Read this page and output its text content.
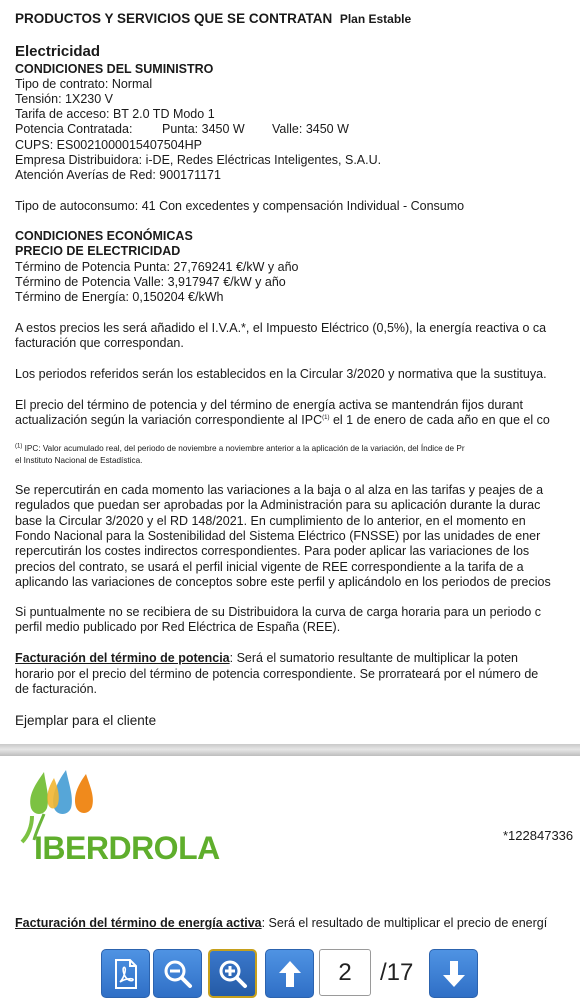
PRODUCTOS Y SERVICIOS QUE SE CONTRATAN Plan Estable
Electricidad
CONDICIONES DEL SUMINISTRO
Tipo de contrato: Normal
Tensión: 1X230 V
Tarifa de acceso: BT 2.0 TD Modo 1
Potencia Contratada: Punta: 3450 W Valle: 3450 W
CUPS: ES0021000015407504HP
Empresa Distribuidora: i-DE, Redes Eléctricas Inteligentes, S.A.U.
Atención Averías de Red: 900171171
Tipo de autoconsumo: 41 Con excedentes y compensación Individual - Consumo
CONDICIONES ECONÓMICAS
PRECIO DE ELECTRICIDAD
Término de Potencia Punta: 27,769241 €/kW y año
Término de Potencia Valle: 3,917947 €/kW y año
Término de Energía: 0,150204 €/kWh
A estos precios les será añadido el I.V.A.*, el Impuesto Eléctrico (0,5%), la energía reactiva o ca
facturación que correspondan.
Los periodos referidos serán los establecidos en la Circular 3/2020 y normativa que la sustituya.
El precio del término de potencia y del término de energía activa se mantendrán fijos durant
actualización según la variación correspondiente al IPC$^{(1)}$ el 1 de enero de cada año en que el co
$^{(1)}$ IPC: Valor acumulado real, del periodo de noviembre a noviembre anterior a la aplicación de la variación, del Índice de Pr
el Instituto Nacional de Estadística.
Se repercutirán en cada momento las variaciones a la baja o al alza en las tarifas y peajes de a
regulados que puedan ser aprobadas por la Administración para su aplicación durante la durac
base la Circular 3/2020 y el RD 148/2021. En cumplimiento de lo anterior, en el momento en
Fondo Nacional para la Sostenibilidad del Sistema Eléctrico (FNSSE) por las unidades de ener
repercutirán los costes indirectos correspondientes. Para poder aplicar las variaciones de los
precios del contrato, se usará el perfil inicial vigente de REE correspondiente a la tarifa de a
aplicando las variaciones de conceptos sobre este perfil y aplicándolo en los periodos de precios
Si puntualmente no se recibiera de su Distribuidora la curva de carga horaria para un periodo c
perfil medio publicado por Red Eléctrica de España (REE).
Facturación del término de potencia: Será el sumatorio resultante de multiplicar la poten
horario por el precio del término de potencia correspondiente. Se prorrateará por el número de
de facturación.
Ejemplar para el cliente
IBERDROLA	*122847336
Facturación del término de energía activa: Será el resultado de multiplicar el precio de energí
2	/17
